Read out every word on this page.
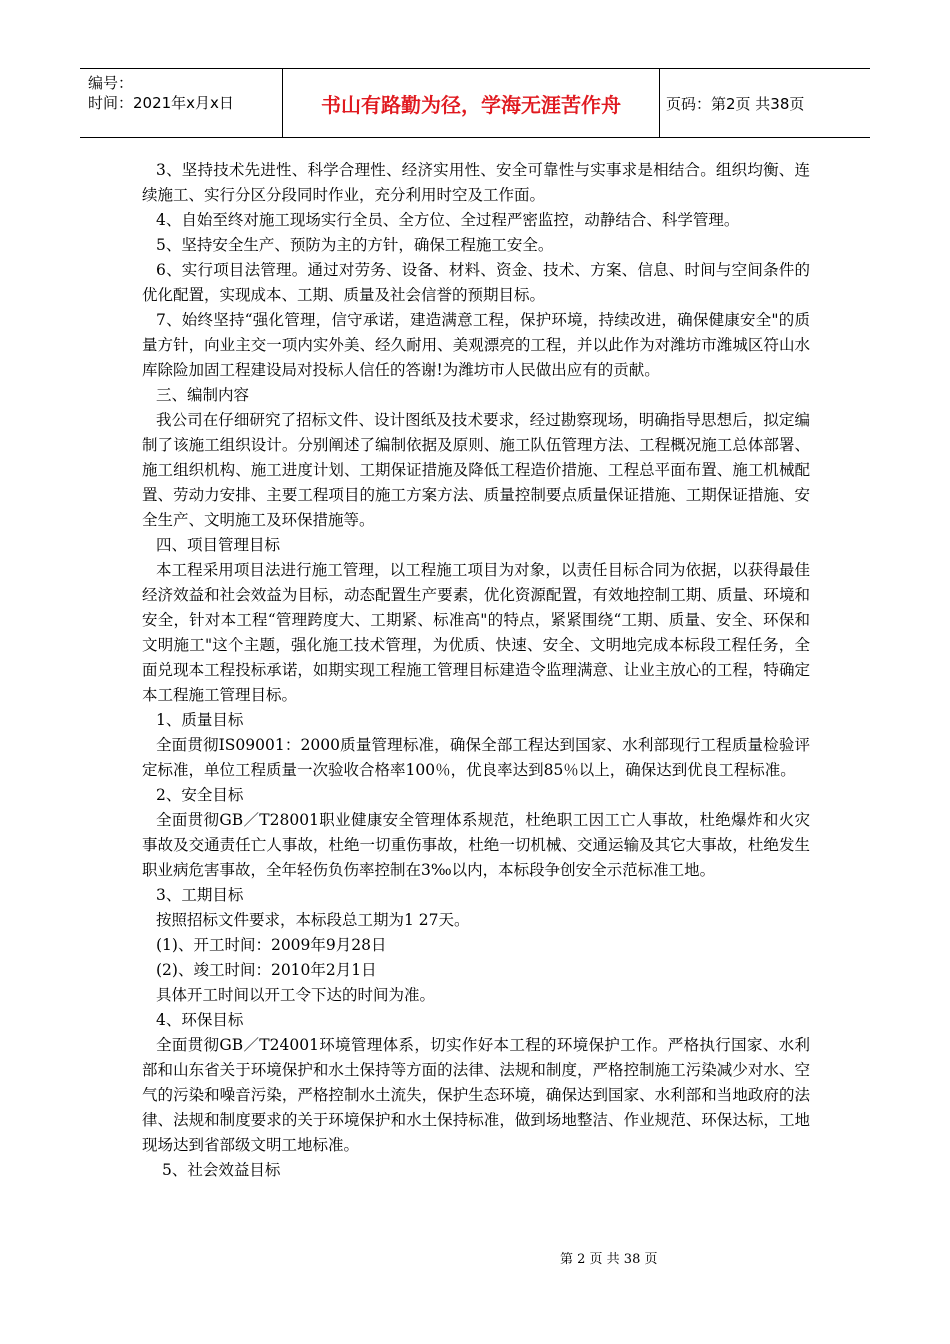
编号：
时间：2021年x月x日	书山有路勤为径，学海无涯苦作舟	页码：第2页 共38页

3、坚持技术先进性、科学合理性、经济实用性、安全可靠性与实事求是相结合。组织均衡、连续施工、实行分区分段同时作业，充分利用时空及工作面。

4、自始至终对施工现场实行全员、全方位、全过程严密监控，动静结合、科学管理。

5、坚持安全生产、预防为主的方针，确保工程施工安全。

6、实行项目法管理。通过对劳务、设备、材料、资金、技术、方案、信息、时间与空间条件的优化配置，实现成本、工期、质量及社会信誉的预期目标。

7、始终坚持“强化管理，信守承诺，建造满意工程，保护环境，持续改进，确保健康安全"的质量方针，向业主交一项内实外美、经久耐用、美观漂亮的工程，并以此作为对潍坊市潍城区符山水库除险加固工程建设局对投标人信任的答谢!为潍坊市人民做出应有的贡献。

三、编制内容

我公司在仔细研究了招标文件、设计图纸及技术要求，经过勘察现场，明确指导思想后，拟定编制了该施工组织设计。分别阐述了编制依据及原则、施工队伍管理方法、工程概况施工总体部署、施工组织机构、施工进度计划、工期保证措施及降低工程造价措施、工程总平面布置、施工机械配置、劳动力安排、主要工程项目的施工方案方法、质量控制要点质量保证措施、工期保证措施、安全生产、文明施工及环保措施等。

四、项目管理目标

本工程采用项目法进行施工管理，以工程施工项目为对象，以责任目标合同为依据，以获得最佳经济效益和社会效益为目标，动态配置生产要素，优化资源配置，有效地控制工期、质量、环境和安全，针对本工程“管理跨度大、工期紧、标准高"的特点，紧紧围绕“工期、质量、安全、环保和文明施工"这个主题，强化施工技术管理，为优质、快速、安全、文明地完成本标段工程任务，全面兑现本工程投标承诺，如期实现工程施工管理目标建造令监理满意、让业主放心的工程，特确定本工程施工管理目标。

1、质量目标

全面贯彻IS09001：2000质量管理标准，确保全部工程达到国家、水利部现行工程质量检验评定标准，单位工程质量一次验收合格率100％，优良率达到85％以上，确保达到优良工程标准。

2、安全目标

全面贯彻GB／T28001职业健康安全管理体系规范，杜绝职工因工亡人事故，杜绝爆炸和火灾事故及交通责任亡人事故，杜绝一切重伤事故，杜绝一切机械、交通运输及其它大事故，杜绝发生职业病危害事故，全年轻伤负伤率控制在3‰以内，本标段争创安全示范标准工地。

3、工期目标

按照招标文件要求，本标段总工期为1 27天。

(1)、开工时间：2009年9月28日

(2)、竣工时间：2010年2月1日

具体开工时间以开工令下达的时间为准。

4、环保目标

全面贯彻GB／T24001环境管理体系，切实作好本工程的环境保护工作。严格执行国家、水利部和山东省关于环境保护和水土保持等方面的法律、法规和制度，严格控制施工污染减少对水、空气的污染和噪音污染，严格控制水土流失，保护生态环境，确保达到国家、水利部和当地政府的法律、法规和制度要求的关于环境保护和水土保持标准，做到场地整洁、作业规范、环保达标，工地现场达到省部级文明工地标准。

5、社会效益目标

第 2 页 共 38 页
